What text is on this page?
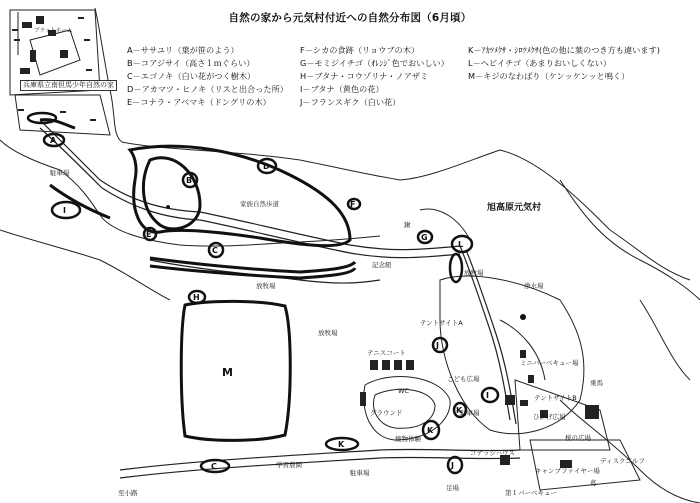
自然の家から元気村付近への自然分布図（6月頃）
A－ササユリ（葉が笹のよう）
B－コアジサイ（高さ１ｍぐらい）
C－エゴノキ（白い花がつく樹木）
D－アカマツ・ヒノキ（リスと出合った所）
E－コナラ・アベマキ（ドングリの木）
F－シカの食跡（リョウブの木）
G－モミジイチゴ（ｵﾚﾝｼﾞ色でおいしい）
H－ブタナ・コウゾリナ・ノアザミ
I－ブタナ（黄色の花）
J－フランスギク（白い花）
K－ｱｶﾂﾒｸｻ・ｼﾛﾂﾒｸｻ(色の他に葉のつき方も違います)
L－ヘビイチゴ（あまりおいしくない）
M－キジのなわばり（ケンッケンッと鳴く）
兵庫県立南但馬少年自然の家
ブラットホーム
駐車場
家族自然歩道	旭高原元気村
鍬
放牧場
放牧場
放牧場
浄水場
テントサイトA
テニスコート
こども広場
ミニバーベキュー場
グラウンド
WC
駐車場
焼物体験
テントサイトB
ひかげ広場
桜の広場
コテッジハウス
キャンプファイヤー場
ディスクゴルフ
第１バーベキュー
学習農園
至小路
葛
記念館
乗馬
駐車場
足場
A
I
B
D
E
F
G
C
H
L
J
J
I
K
K
K
C
M
